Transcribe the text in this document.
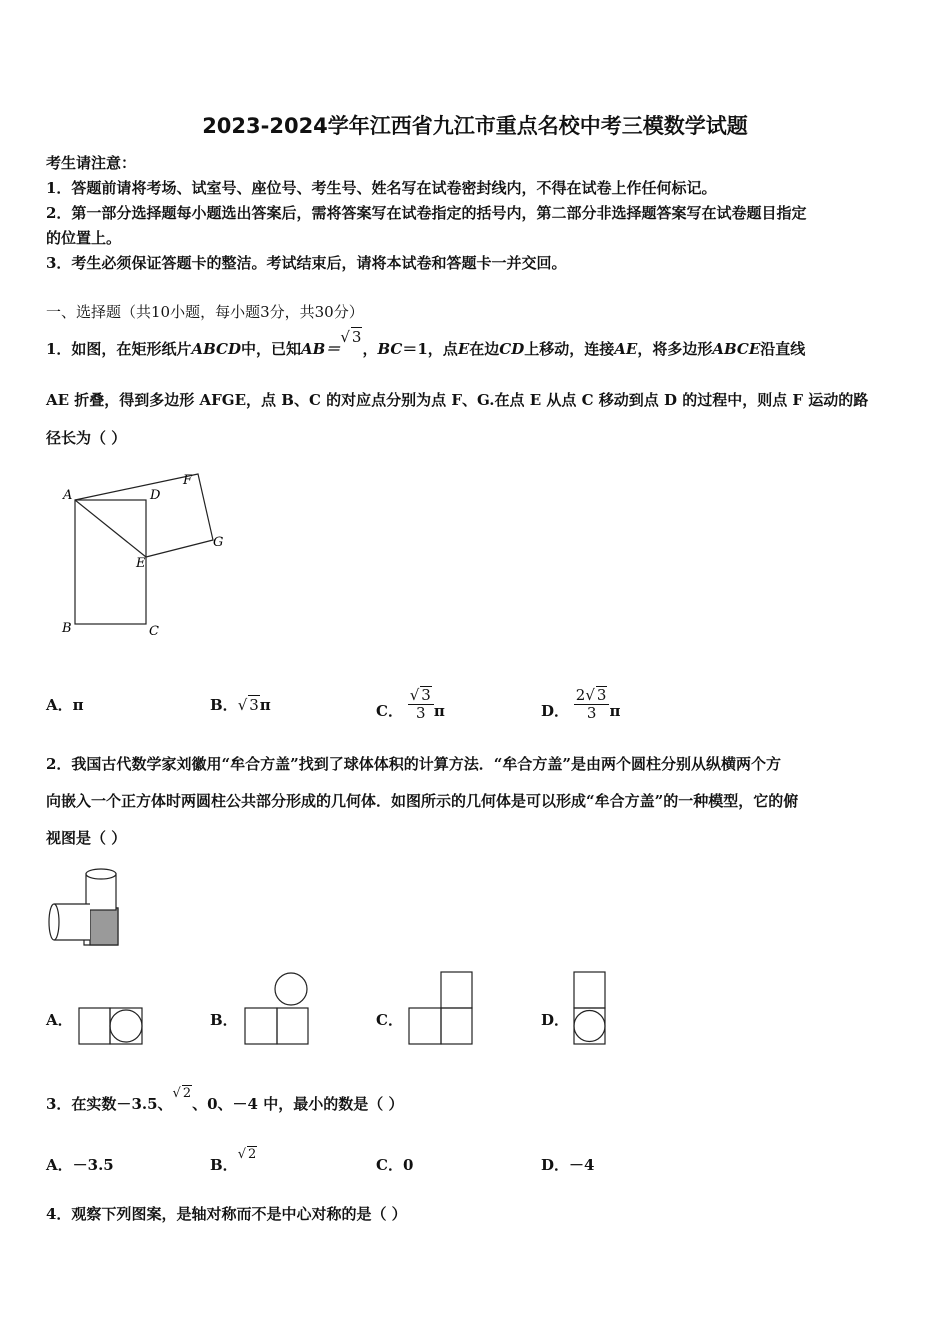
2023-2024学年江西省九江市重点名校中考三模数学试题
考生请注意：
1．答题前请将考场、试室号、座位号、考生号、姓名写在试卷密封线内，不得在试卷上作任何标记。
2．第一部分选择题每小题选出答案后，需将答案写在试卷指定的括号内，第二部分非选择题答案写在试卷题目指定
的位置上。
3．考生必须保证答题卡的整洁。考试结束后，请将本试卷和答题卡一并交回。
一、选择题（共10小题，每小题3分，共30分）
1．如图，在矩形纸片ABCD中，已知AB＝√ 3，BC＝1，点E在边CD上移动，连接AE，将多边形ABCE沿直线
AE 折叠，得到多边形 AFGE，点 B、C 的对应点分别为点 F、G.在点 E 从点 C 移动到点 D 的过程中，则点 F 运动的路
径长为（ ）
A	D
F
G
E
B	C
A．π	B．√ 3π	C． $\frac{√ 3}{3}$ π	D． $\frac{2√ 3}{3}$ π
2．我国古代数学家刘徽用“牟合方盖”找到了球体体积的计算方法．“牟合方盖”是由两个圆柱分别从纵横两个方
向嵌入一个正方体时两圆柱公共部分形成的几何体．如图所示的几何体是可以形成“牟合方盖”的一种模型，它的俯
视图是（ ）
A．	B．	C．	D．
3．在实数－3.5、√ 2、0、－4 中，最小的数是（ ）
A．－3.5	B．√ 2
C．0	D．－4
4．观察下列图案，是轴对称而不是中心对称的是（ ）
